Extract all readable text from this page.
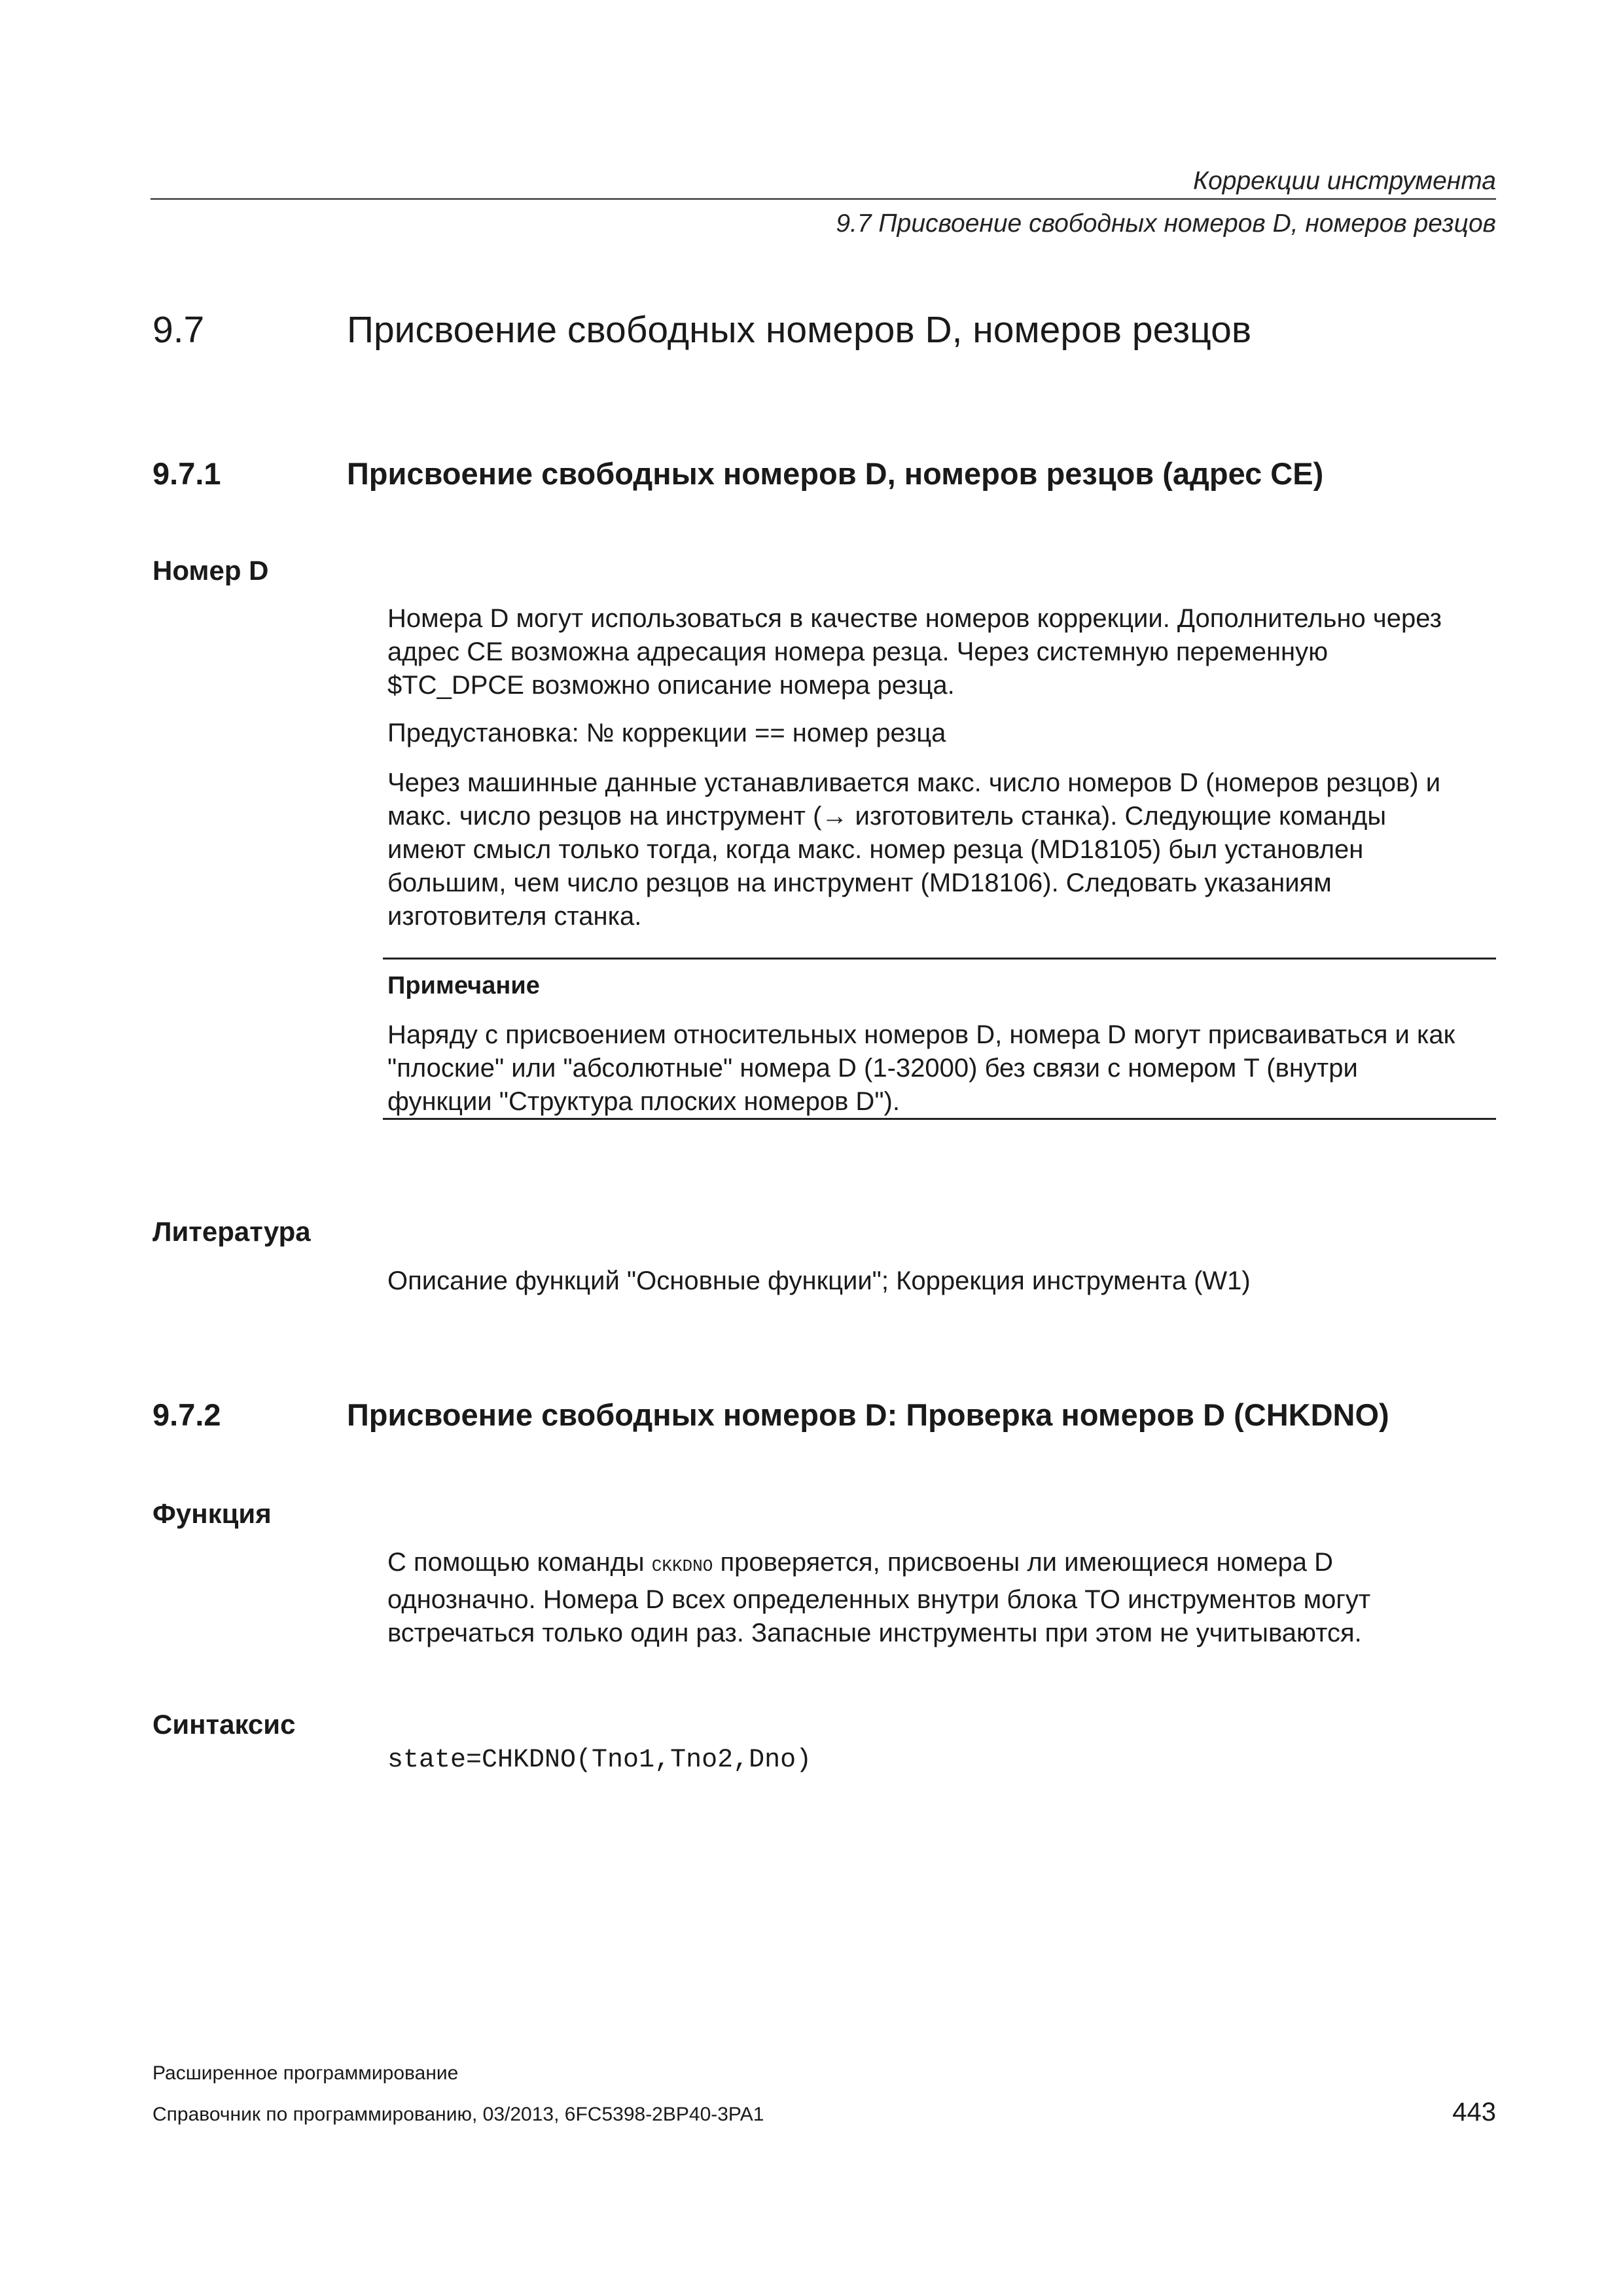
Коррекции инструмента
9.7 Присвоение свободных номеров D, номеров резцов
9.7	Присвоение свободных номеров D, номеров резцов
9.7.1	Присвоение свободных номеров D, номеров резцов (адрес CE)
Номер D

Номера D могут использоваться в качестве номеров коррекции. Дополнительно через

адрес CE возможна адресация номера резца. Через системную переменную

$TC_DPCE возможно описание номера резца.

Предустановка: № коррекции == номер резца

Через машинные данные устанавливается макс. число номеров D (номеров резцов) и

макс. число резцов на инструмент (→ изготовитель станка). Следующие команды

имеют смысл только тогда, когда макс. номер резца (MD18105) был установлен

большим, чем число резцов на инструмент (MD18106). Следовать указаниям

изготовителя станка.

Примечание

Наряду с присвоением относительных номеров D, номера D могут присваиваться и как

"плоские" или "абсолютные" номера D (1-32000) без связи с номером T (внутри

функции "Структура плоских номеров D").

Литература
Описание функций "Основные функции"; Коррекция инструмента (W1)
9.7.2	Присвоение свободных номеров D: Проверка номеров D (CHKDNO)
Функция

С помощью команды CKKDNO проверяется, присвоены ли имеющиеся номера D

однозначно. Номера D всех определенных внутри блока TO инструментов могут

встречаться только один раз. Запасные инструменты при этом не учитываются.

Синтаксис
state=CHKDNO(Tno1,Tno2,Dno)
Расширенное программирование
Справочник по программированию, 03/2013, 6FC5398-2BP40-3PA1	443
